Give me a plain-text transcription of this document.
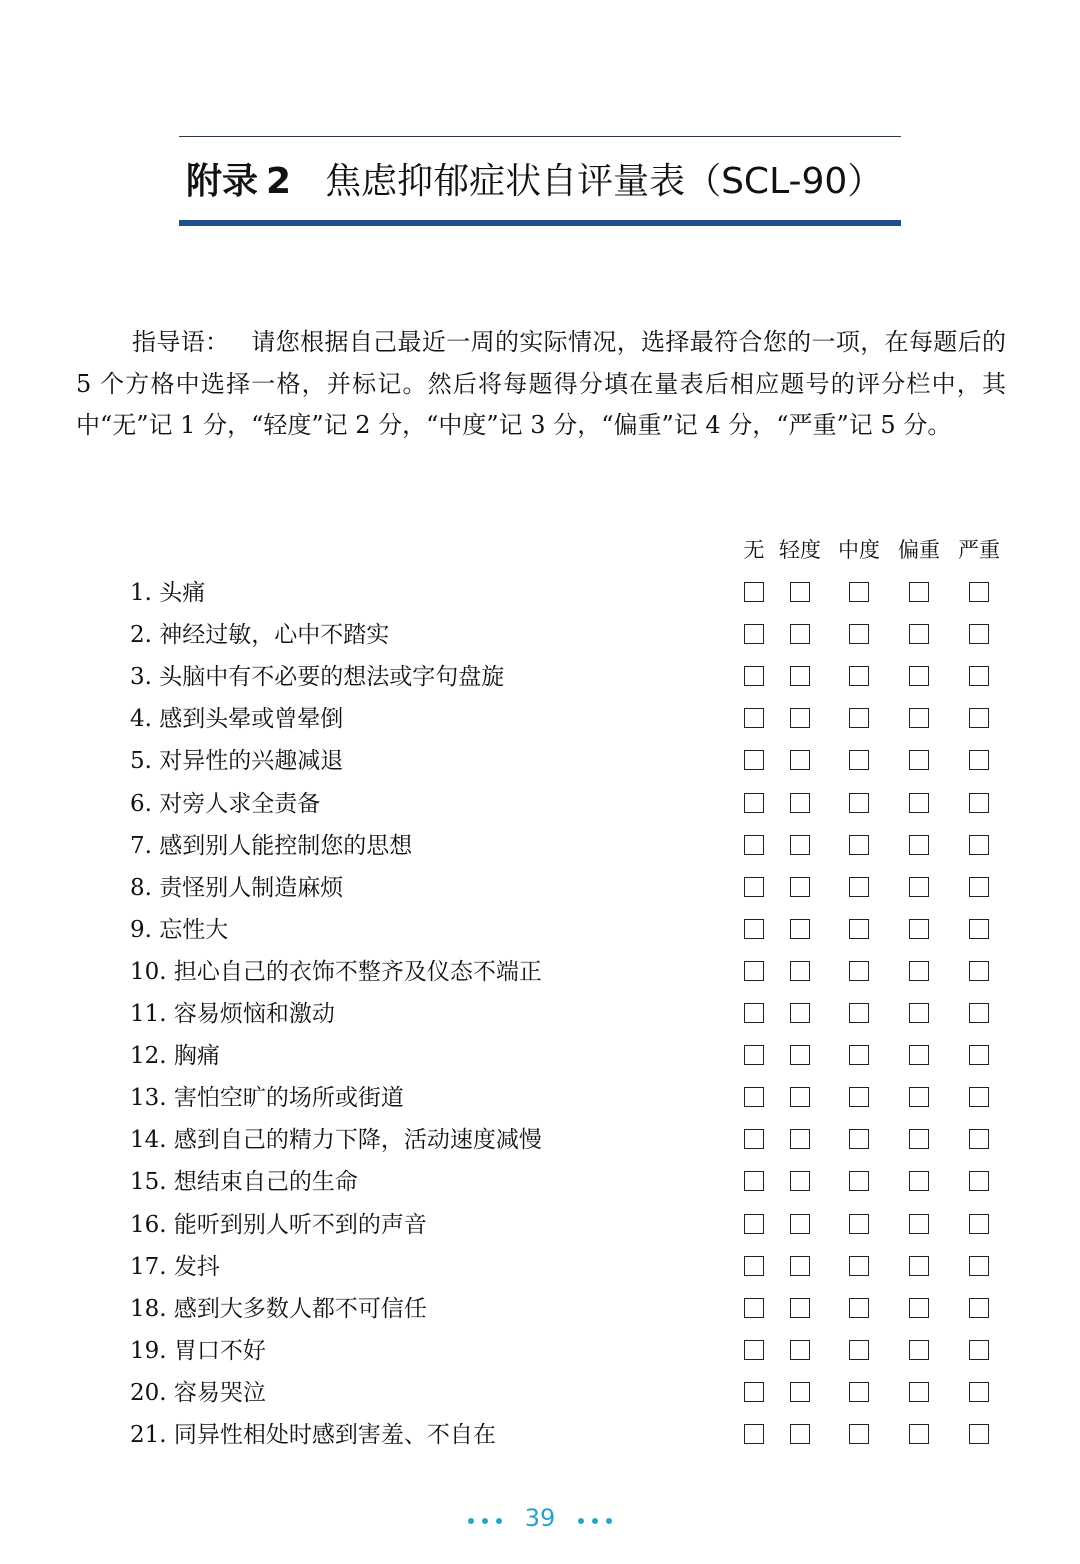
附录 2 焦虑抑郁症状自评量表（SCL-90）
指导语： 请您根据自己最近一周的实际情况，选择最符合您的一项，在每题后的 5 个方格中选择一格，并标记。然后将每题得分填在量表后相应题号的评分栏中，其中“无”记 1 分，“轻度”记 2 分，“中度”记 3 分，“偏重”记 4 分，“严重”记 5 分。
无 轻度 中度 偏重 严重
1. 头痛
2. 神经过敏，心中不踏实
3. 头脑中有不必要的想法或字句盘旋
4. 感到头晕或曾晕倒
5. 对异性的兴趣减退
6. 对旁人求全责备
7. 感到别人能控制您的思想
8. 责怪别人制造麻烦
9. 忘性大
10. 担心自己的衣饰不整齐及仪态不端正
11. 容易烦恼和激动
12. 胸痛
13. 害怕空旷的场所或街道
14. 感到自己的精力下降，活动速度减慢
15. 想结束自己的生命
16. 能听到别人听不到的声音
17. 发抖
18. 感到大多数人都不可信任
19. 胃口不好
20. 容易哭泣
21. 同异性相处时感到害羞、不自在
39
